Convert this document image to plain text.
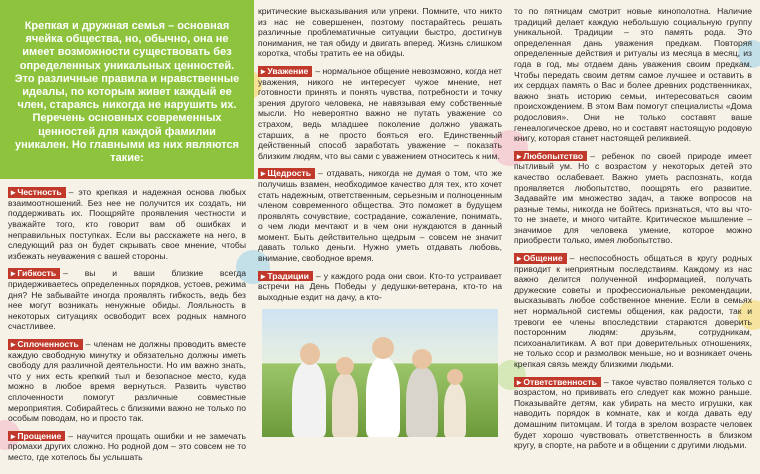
Крепкая и дружная семья – основная ячейка общества, но, обычно, она не имеет возможности существовать без определенных уникальных ценностей. Это различные правила и нравственные идеалы, по которым живет каждый ее член, стараясь никогда не нарушить их. Перечень основных современных ценностей для каждой фамилии уникален. Но главными из них являются такие:

▸ Честность – это крепкая и надежная основа любых взаимоотношений. Без нее не получится их создать, ни поддерживать их. Поощряйте проявления честности и уважайте того, кто говорит вам об ошибках и неправильных поступках. Если вы расскажете на него, в следующий раз он будет скрывать свое мнение, чтобы избежать неуважения с вашей стороны.

▸ Гибкость – вы и ваши близкие всегда придерживаетесь определенных порядков, устоев, режима дня? Не забывайте иногда проявлять гибкость, ведь без нее могут возникать ненужные обиды. Лояльность в некоторых ситуациях освободит всех родных намного счастливее.

▸ Сплоченность – членам не должны проводить вместе каждую свободную минутку и обязательно должны иметь свободу для различной деятельности. Но им важно знать, что у них есть крепкий тыл и безопасное место, куда можно в любое время вернуться. Развить чувство сплоченности помогут различные совместные мероприятия. Собирайтесь с близкими важно не только по особым поводам, но и просто так.

▸ Прощение – научится прощать ошибки и не замечать промахи других сложно. Но родной дом – это совсем не то место, где хотелось бы услышать

критические высказывания или упреки. Помните, что никто из нас не совершенен, поэтому постарайтесь решать различные проблематичные ситуации быстро, достигнув понимания, не тая обиду и двигать вперед. Жизнь слишком коротка, чтобы тратить ее на обиды.

▸ Уважение – нормальное общение невозможно, когда нет уважения, никого не интересует чужое мнение, нет готовности принять и понять чувства, потребности и точку зрения другого человека, не навязывая ему собственные мысли. Но невероятно важно не путать уважение со страхом, ведь младшее поколение должно уважать старших, а не просто бояться его. Единственный действенный способ заработать уважение – показать близким людям, что вы сами с уважением относитесь к ним.

▸ Щедрость – отдавать, никогда не думая о том, что же получишь взамен, необходимое качество для тех, кто хочет стать надежным, ответственным, серьезным и полноценным членом современного общества. Это поможет в будущем проявлять сочувствие, сострадание, сожаление, понимать, о чем люди мечтают и в чем они нуждаются в данный момент. Быть действительно щедрым – совсем не значит давать только деньги. Нужно уметь отдавать любовь, внимание, свободное время.

▸ Традиции – у каждого рода они свои. Кто-то устраивает встречи на День Победы у дедушки-ветерана, кто-то на выходные ездит на дачу, а кто-

то по пятницам смотрит новые кинополотна. Наличие традиций делает каждую небольшую социальную группу уникальной. Традиции – это память рода. Это определенная дань уважения предкам. Повторяя определенные действия и ритуалы из месяца в месяц, из года в год, мы отдаем дань уважения своим предкам. Чтобы передать своим детям самое лучшее и оставить в их сердцах память о Вас и более древних родственниках, важно знать историю семьи, интересоваться своим происхождением. В этом Вам помогут специалисты «Дома родословия». Они не только составят ваше генеалогическое древо, но и составят настоящую родовую книгу, которая станет настоящей реликвией.

▸ Любопытство – ребенок по своей природе имеет пытливый ум. Но с возрастом у некоторых детей это качество ослабевает. Важно уметь распознать, когда проявляется любопытство, поощрять его развитие. Задавайте им множество задач, а также вопросов на разные темы, никогда не бойтесь признаться, что вы что-то не знаете, и много читайте. Критическое мышление – значимое для человека умение, которое можно приобрести только, имея любопытство.

▸ Общение – неспособность общаться в кругу родных приводит к неприятным последствиям. Каждому из нас важно делится полученной информацией, получать дружеские советы и профессиональные рекомендации, высказывать любое собственное мнение. Если в семьях нет нормальной системы общения, как радости, так и тревоги ее члены впоследствии стараются доверить посторонним людям: друзьям, сотрудникам, психоаналитикам. А вот при доверительных отношениях, не только ссор и размолвок меньше, но и возникает очень крепкая связь между близкими людьми.

▸ Ответственность – такое чувство появляется только с возрастом, но прививать его следует как можно раньше. Показывайте детям, как убирать на место игрушки, как наводить порядок в комнате, как и когда давать еду домашним питомцам. И тогда в зрелом возрасте человек будет хорошо чувствовать ответственность в близком кругу, в спорте, на работе и в общении с другими людьми.
